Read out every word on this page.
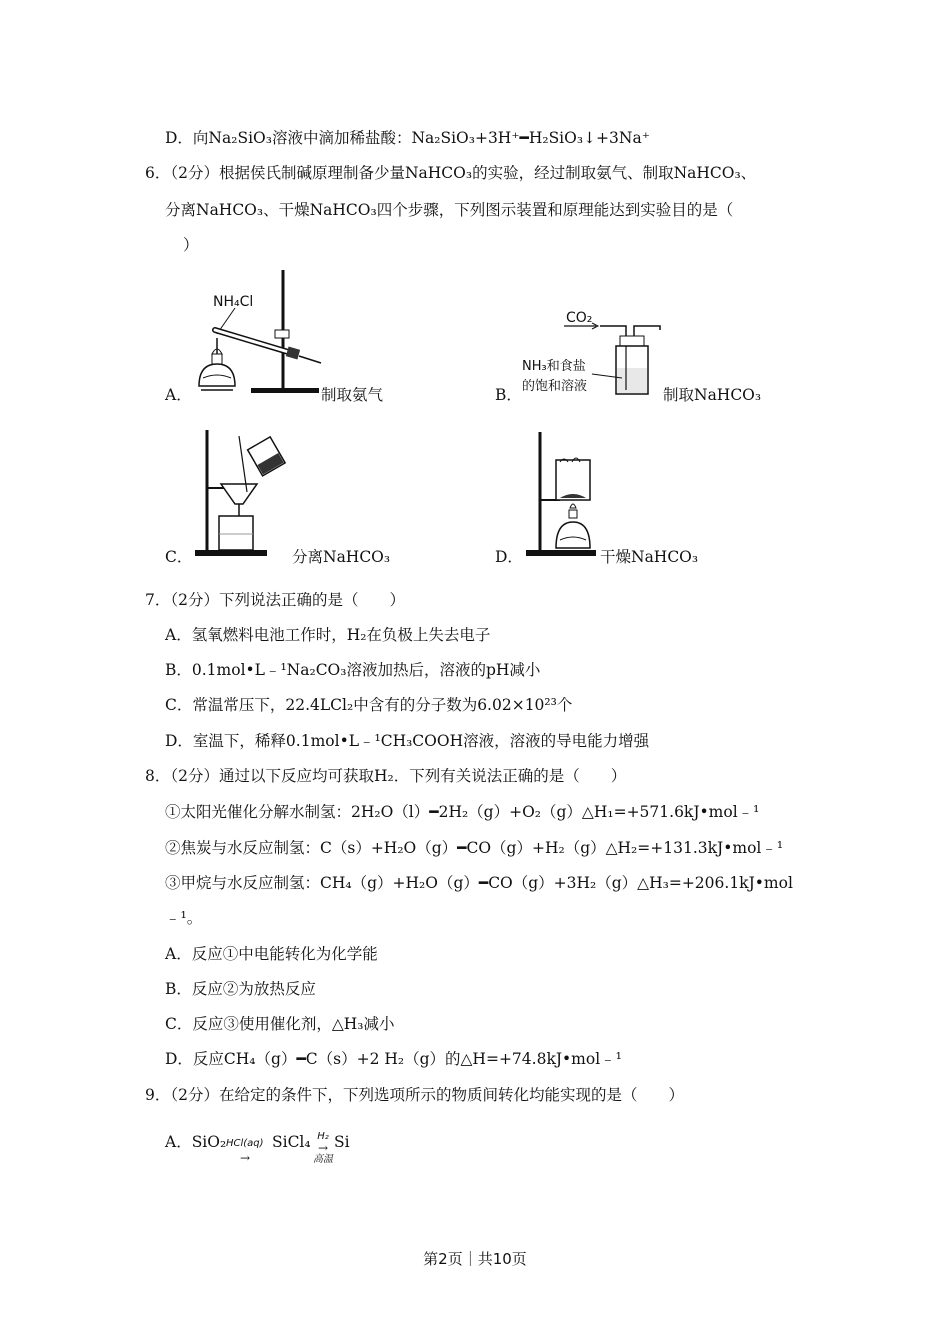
D．向Na₂SiO₃溶液中滴加稀盐酸：Na₂SiO₃+3H⁺━H₂SiO₃↓+3Na⁺
6．（2分）根据侯氏制碱原理制备少量NaHCO₃的实验，经过制取氨气、制取NaHCO₃、
分离NaHCO₃、干燥NaHCO₃四个步骤，下列图示装置和原理能达到实验目的是（
）
A．
NH₄Cl
制取氨气	B．
CO₂
NH₃和食盐
的饱和溶液	制取NaHCO₃
C．	分离NaHCO₃	D．	干燥NaHCO₃
7．（2分）下列说法正确的是（　　）
A．氢氧燃料电池工作时，H₂在负极上失去电子
B．0.1mol•L﹣¹Na₂CO₃溶液加热后，溶液的pH减小
C．常温常压下，22.4LCl₂中含有的分子数为6.02×10²³个
D．室温下，稀释0.1mol•L﹣¹CH₃COOH溶液，溶液的导电能力增强
8．（2分）通过以下反应均可获取H₂．下列有关说法正确的是（　　）
①太阳光催化分解水制氢：2H₂O（l）━2H₂（g）+O₂（g）△H₁=+571.6kJ•mol﹣¹
②焦炭与水反应制氢：C（s）+H₂O（g）━CO（g）+H₂（g）△H₂=+131.3kJ•mol﹣¹
③甲烷与水反应制氢：CH₄（g）+H₂O（g）━CO（g）+3H₂（g）△H₃=+206.1kJ•mol
﹣¹。
A．反应①中电能转化为化学能
B．反应②为放热反应
C．反应③使用催化剂，△H₃减小
D．反应CH₄（g）━C（s）+2 H₂（g）的△H=+74.8kJ•mol﹣¹
9．（2分）在给定的条件下，下列选项所示的物质间转化均能实现的是（　　）
A．SiO₂ HCl(aq)
→
SiCl₄ H₂
→
高温
Si
第2页｜共10页
